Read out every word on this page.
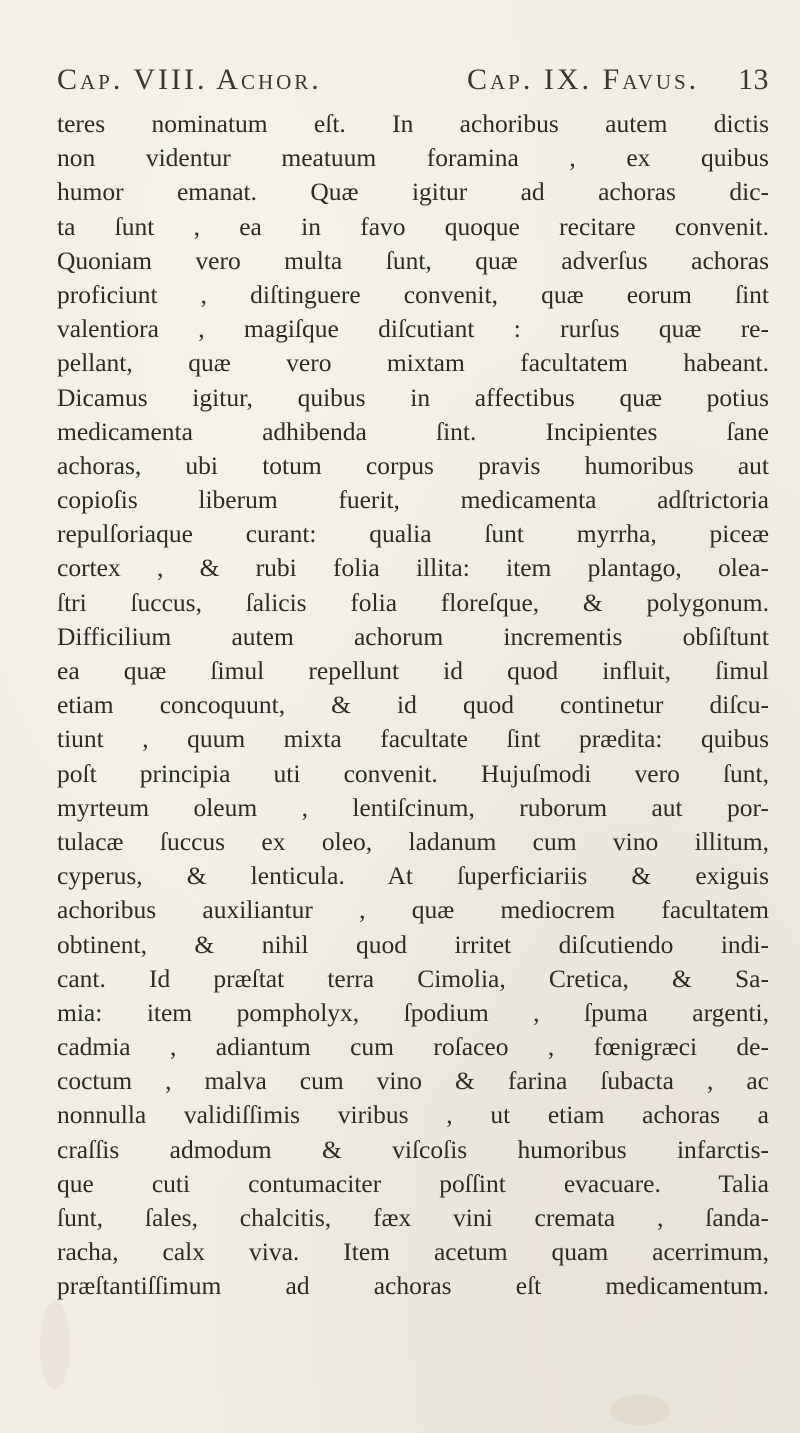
Cap. VIII. Achor.	Cap. IX. Favus. 13
teres nominatum eſt. In achoribus autem dictis
non videntur meatuum foramina , ex quibus
humor emanat. Quæ igitur ad achoras dic-
ta ſunt , ea in favo quoque recitare convenit.
Quoniam vero multa ſunt, quæ adverſus achoras
proficiunt , diſtinguere convenit, quæ eorum ſint
valentiora , magiſque diſcutiant : rurſus quæ re-
pellant, quæ vero mixtam facultatem habeant.
Dicamus igitur, quibus in affectibus quæ potius
medicamenta adhibenda ſint. Incipientes ſane
achoras, ubi totum corpus pravis humoribus aut
copioſis liberum fuerit, medicamenta adſtrictoria
repulſoriaque curant: qualia ſunt myrrha, piceæ
cortex , & rubi folia illita: item plantago, olea-
ſtri ſuccus, ſalicis folia floreſque, & polygonum.
Difficilium autem achorum incrementis obſiſtunt
ea quæ ſimul repellunt id quod influit, ſimul
etiam concoquunt, & id quod continetur diſcu-
tiunt , quum mixta facultate ſint prædita: quibus
poſt principia uti convenit. Hujuſmodi vero ſunt,
myrteum oleum , lentiſcinum, ruborum aut por-
tulacæ ſuccus ex oleo, ladanum cum vino illitum,
cyperus, & lenticula. At ſuperficiariis & exiguis
achoribus auxiliantur , quæ mediocrem facultatem
obtinent, & nihil quod irritet diſcutiendo indi-
cant. Id præſtat terra Cimolia, Cretica, & Sa-
mia: item pompholyx, ſpodium , ſpuma argenti,
cadmia , adiantum cum roſaceo , fœnigræci de-
coctum , malva cum vino & farina ſubacta , ac
nonnulla validiſſimis viribus , ut etiam achoras a
craſſis admodum & viſcoſis humoribus infarctis-
que cuti contumaciter poſſint evacuare. Talia
ſunt, ſales, chalcitis, fæx vini cremata , ſanda-
racha, calx viva. Item acetum quam acerrimum,
præſtantiſſimum ad achoras eſt medicamentum.
